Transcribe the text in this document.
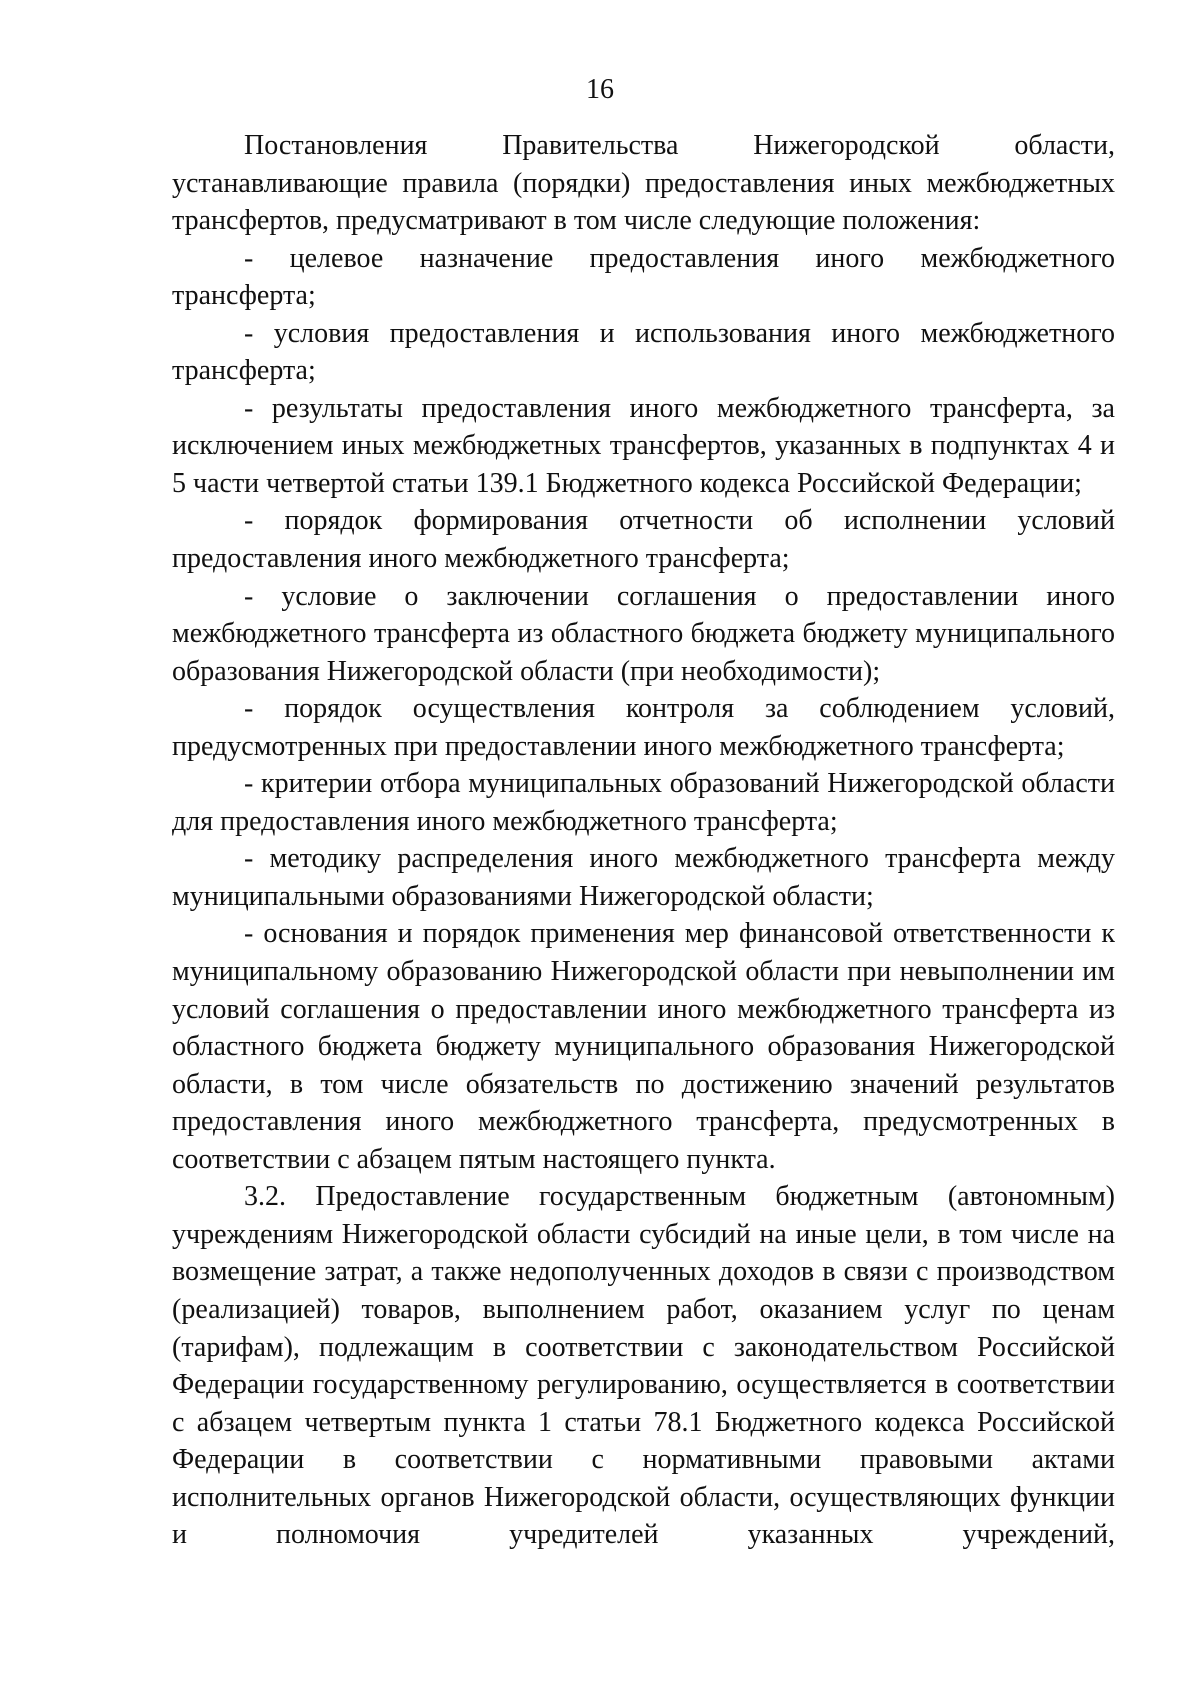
16

Постановления Правительства Нижегородской области, устанавливающие правила (порядки) предоставления иных межбюджетных трансфертов, предусматривают в том числе следующие положения:

- целевое назначение предоставления иного межбюджетного трансферта;

- условия предоставления и использования иного межбюджетного трансферта;

- результаты предоставления иного межбюджетного трансферта, за исключением иных межбюджетных трансфертов, указанных в подпунктах 4 и 5 части четвертой статьи 139.1 Бюджетного кодекса Российской Федерации;

- порядок формирования отчетности об исполнении условий предоставления иного межбюджетного трансферта;

- условие о заключении соглашения о предоставлении иного межбюджетного трансферта из областного бюджета бюджету муниципального образования Нижегородской области (при необходимости);

- порядок осуществления контроля за соблюдением условий, предусмотренных при предоставлении иного межбюджетного трансферта;

- критерии отбора муниципальных образований Нижегородской области для предоставления иного межбюджетного трансферта;

- методику распределения иного межбюджетного трансферта между муниципальными образованиями Нижегородской области;

- основания и порядок применения мер финансовой ответственности к муниципальному образованию Нижегородской области при невыполнении им условий соглашения о предоставлении иного межбюджетного трансферта из областного бюджета бюджету муниципального образования Нижегородской области, в том числе обязательств по достижению значений результатов предоставления иного межбюджетного трансферта, предусмотренных в соответствии с абзацем пятым настоящего пункта.

3.2. Предоставление государственным бюджетным (автономным) учреждениям Нижегородской области субсидий на иные цели, в том числе на возмещение затрат, а также недополученных доходов в связи с производством (реализацией) товаров, выполнением работ, оказанием услуг по ценам (тарифам), подлежащим в соответствии с законодательством Российской Федерации государственному регулированию, осуществляется в соответствии с абзацем четвертым пункта 1 статьи 78.1 Бюджетного кодекса Российской Федерации в соответствии с нормативными правовыми актами исполнительных органов Нижегородской области, осуществляющих функции и полномочия учредителей указанных учреждений,
